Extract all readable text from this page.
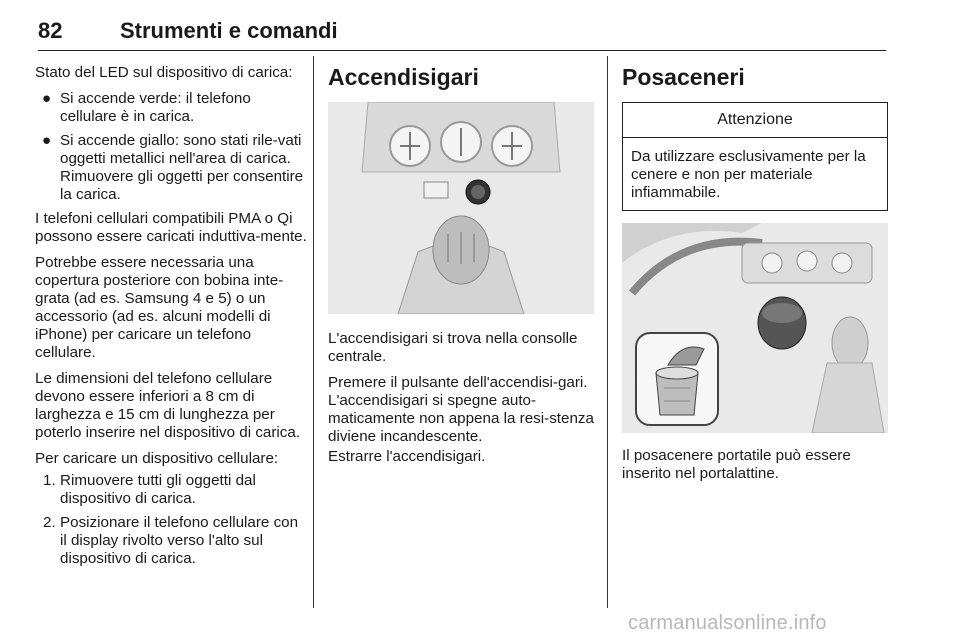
82	Strumenti e comandi

Stato del LED sul dispositivo di carica:

● Si accende verde: il telefono cellulare è in carica.
● Si accende giallo: sono stati rile-vati oggetti metallici nell'area di carica. Rimuovere gli oggetti per consentire la carica.

I telefoni cellulari compatibili PMA o Qi possono essere caricati induttiva-mente.

Potrebbe essere necessaria una copertura posteriore con bobina inte-grata (ad es. Samsung 4 e 5) o un accessorio (ad es. alcuni modelli di iPhone) per caricare un telefono cellulare.

Le dimensioni del telefono cellulare devono essere inferiori a 8 cm di larghezza e 15 cm di lunghezza per poterlo inserire nel dispositivo di carica.

Per caricare un dispositivo cellulare:

1. Rimuovere tutti gli oggetti dal dispositivo di carica.
2. Posizionare il telefono cellulare con il display rivolto verso l'alto sul dispositivo di carica.
Accendisigari

L'accendisigari si trova nella consolle centrale.

Premere il pulsante dell'accendisi-gari. L'accendisigari si spegne auto-maticamente non appena la resi-stenza diviene incandescente.

Estrarre l'accendisigari.

Posaceneri
Attenzione
Da utilizzare esclusivamente per la cenere e non per materiale infiammabile.

Il posacenere portatile può essere inserito nel portalattine.

carmanualsonline.info
